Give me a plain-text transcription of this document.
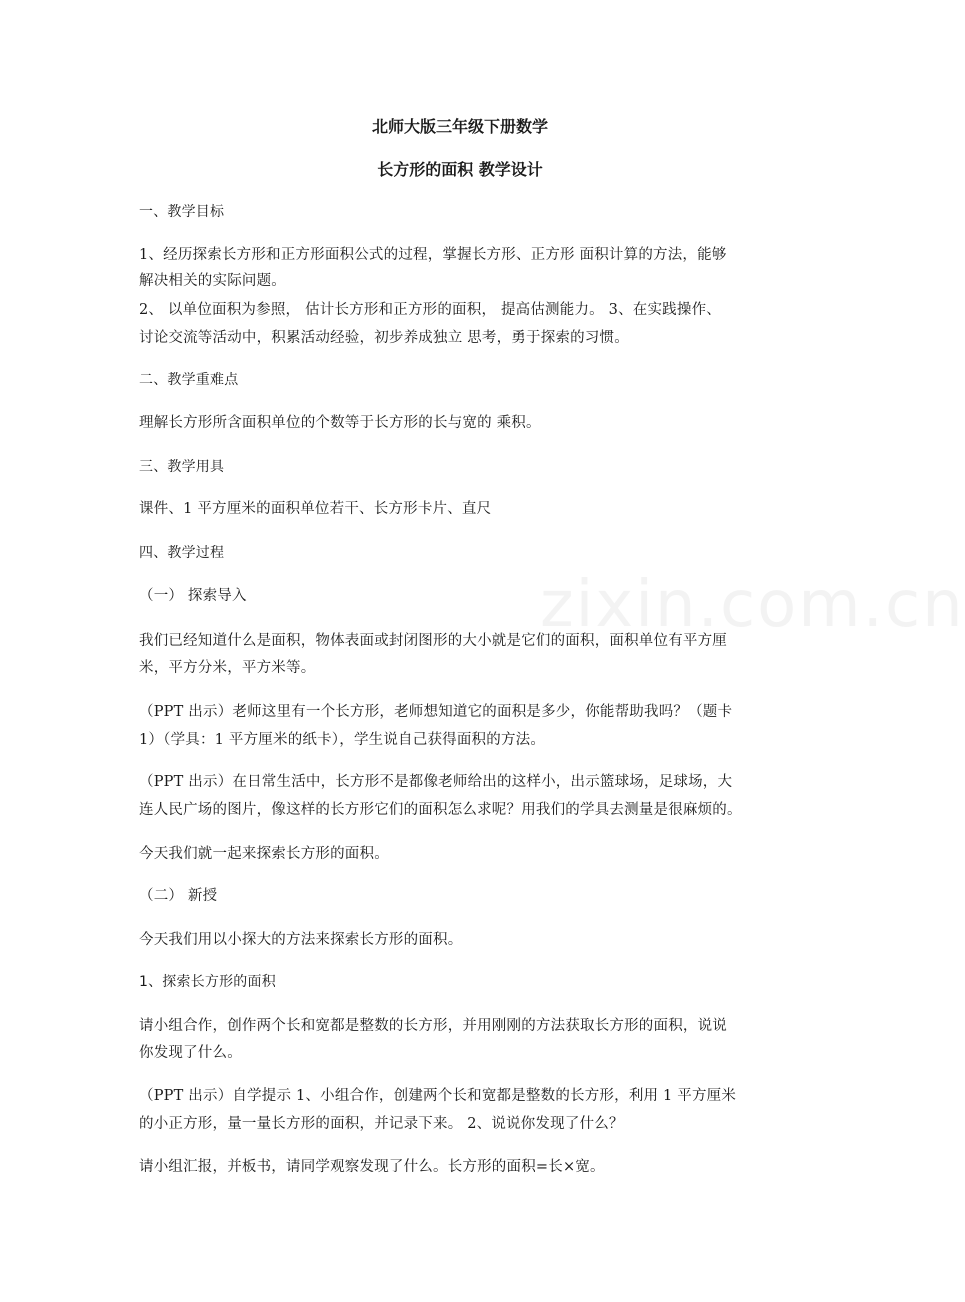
zixin.com.cn
北师大版三年级下册数学
长方形的面积 教学设计
一、教学目标
1、经历探索长方形和正方形面积公式的过程，掌握长方形、正方形 面积计算的方法，能够
解决相关的实际问题。
2、 以单位面积为参照， 估计长方形和正方形的面积， 提高估测能力。 3、在实践操作、
讨论交流等活动中，积累活动经验，初步养成独立 思考，勇于探索的习惯。
二、教学重难点
理解长方形所含面积单位的个数等于长方形的长与宽的 乘积。
三、教学用具
课件、1 平方厘米的面积单位若干、长方形卡片、直尺
四、教学过程
（一） 探索导入
我们已经知道什么是面积，物体表面或封闭图形的大小就是它们的面积，面积单位有平方厘
米，平方分米，平方米等。
（PPT 出示）老师这里有一个长方形，老师想知道它的面积是多少，你能帮助我吗？（题卡
1）（学具：1 平方厘米的纸卡），学生说自己获得面积的方法。
（PPT 出示）在日常生活中，长方形不是都像老师给出的这样小，出示篮球场，足球场，大
连人民广场的图片，像这样的长方形它们的面积怎么求呢？用我们的学具去测量是很麻烦的。
今天我们就一起来探索长方形的面积。
（二） 新授
今天我们用以小探大的方法来探索长方形的面积。
1、探索长方形的面积
请小组合作，创作两个长和宽都是整数的长方形，并用刚刚的方法获取长方形的面积，说说
你发现了什么。
（PPT 出示）自学提示 1、小组合作，创建两个长和宽都是整数的长方形，利用 1 平方厘米
的小正方形，量一量长方形的面积，并记录下来。 2、说说你发现了什么？
请小组汇报，并板书，请同学观察发现了什么。长方形的面积=长×宽。
